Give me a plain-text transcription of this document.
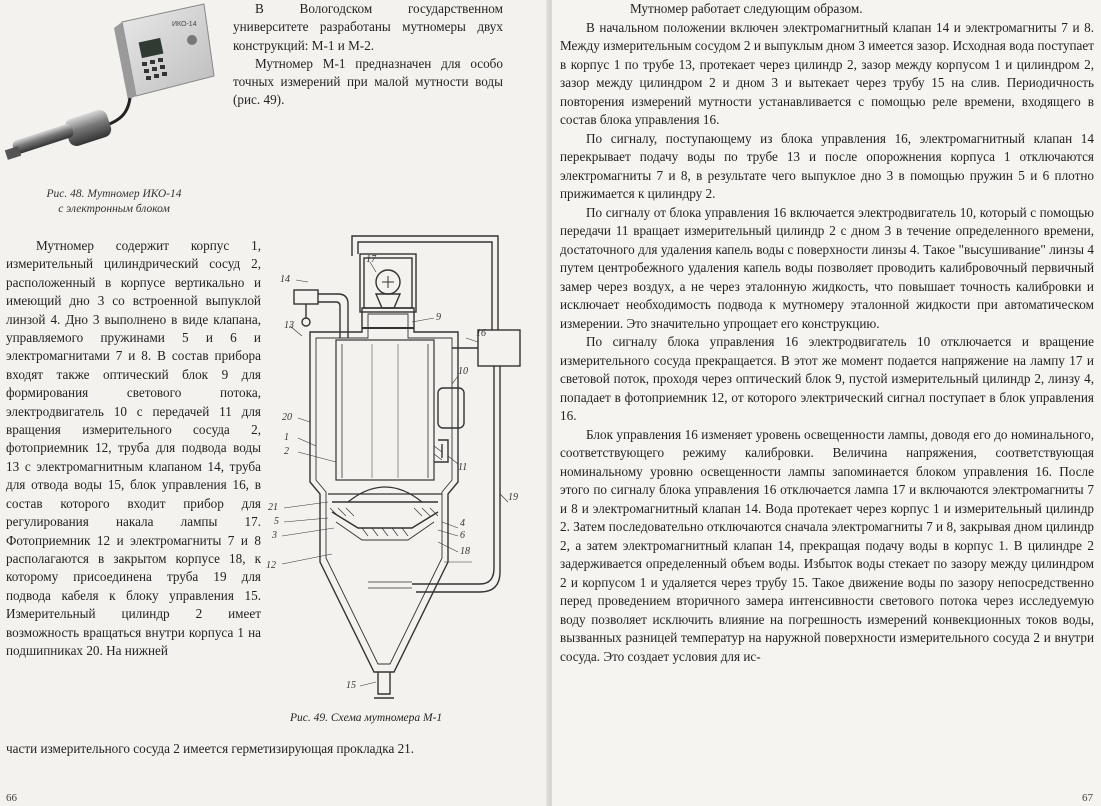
ИКО-14
Рис. 48. Мутномер ИКО-14
с электронным блоком

В Вологодском государственном университете разработаны мутномеры двух конструкций: М-1 и М-2.

Мутномер М-1 предназначен для особо точных измерений при малой мутности воды (рис. 49).

Мутномер содержит корпус 1, измерительный цилиндрический сосуд 2, расположенный в корпусе вертикально и имеющий дно 3 со встроенной выпуклой линзой 4. Дно 3 выполнено в виде клапана, управляемого пружинами 5 и 6 и электромагнитами 7 и 8. В состав прибора входят также оптический блок 9 для формирования светового потока, электродвигатель 10 с передачей 11 для вращения измерительного сосуда 2, фотоприемник 12, труба для подвода воды 13 с электромагнитным клапаном 14, труба для отвода воды 15, блок управления 16, в состав которого входит прибор для регулирования накала лампы 17. Фотоприемник 12 и электромагниты 7 и 8 располагаются в закрытом корпусе 18, к которому присоединена труба 19 для подвода кабеля к блоку управления 15. Измерительный цилиндр 2 имеет возможность вращаться внутри корпуса 1 на подшипниках 20. На нижней

части измерительного сосуда 2 имеется герметизирующая прокладка 21.
14
13
17
9
16
20
1
2
10
11
21
5
3
4
6
18
12
15
19
Рис. 49. Схема мутномера М-1
66

Мутномер работает следующим образом.

В начальном положении включен электромагнитный клапан 14 и электромагниты 7 и 8. Между измерительным сосудом 2 и выпуклым дном 3 имеется зазор. Исходная вода поступает в корпус 1 по трубе 13, протекает через цилиндр 2, зазор между корпусом 1 и цилиндром 2, зазор между цилиндром 2 и дном 3 и вытекает через трубу 15 на слив. Периодичность повторения измерений мутности устанавливается с помощью реле времени, входящего в состав блока управления 16.

По сигналу, поступающему из блока управления 16, электромагнитный клапан 14 перекрывает подачу воды по трубе 13 и после опорожнения корпуса 1 отключаются электромагниты 7 и 8, в результате чего выпуклое дно 3 в помощью пружин 5 и 6 плотно прижимается к цилиндру 2.

По сигналу от блока управления 16 включается электродвигатель 10, который с помощью передачи 11 вращает измерительный цилиндр 2 с дном 3 в течение определенного времени, достаточного для удаления капель воды с поверхности линзы 4. Такое "высушивание" линзы 4 путем центробежного удаления капель воды позволяет проводить калибровочный первичный замер через воздух, а не через эталонную жидкость, что повышает точность калибровки и исключает необходимость подвода к мутномеру эталонной жидкости при автоматическом измерении. Это значительно упрощает его конструкцию.

По сигналу блока управления 16 электродвигатель 10 отключается и вращение измерительного сосуда прекращается. В этот же момент подается напряжение на лампу 17 и световой поток, проходя через оптический блок 9, пустой измерительный цилиндр 2, линзу 4, попадает в фотоприемник 12, от которого электрический сигнал поступает в блок управления 16.

Блок управления 16 изменяет уровень освещенности лампы, доводя его до номинального, соответствующего режиму калибровки. Величина напряжения, соответствующая номинальному уровню освещенности лампы запоминается блоком управления 16. После этого по сигналу блока управления 16 отключается лампа 17 и включаются электромагниты 7 и 8 и электромагнитный клапан 14. Вода протекает через корпус 1 и измерительный цилиндр 2. Затем последовательно отключаются сначала электромагниты 7 и 8, закрывая дном цилиндр 2, а затем электромагнитный клапан 14, прекращая подачу воды в корпус 1. В цилиндре 2 задерживается определенный объем воды. Избыток воды стекает по зазору между цилиндром 2 и корпусом 1 и удаляется через трубу 15. Такое движение воды по зазору непосредственно перед проведением вторичного замера интенсивности светового потока через исследуемую воду позволяет исключить влияние на погрешность измерений конвекционных токов воды, вызванных разницей температур на наружной поверхности измерительного сосуда 2 и внутри сосуда. Это создает условия для ис-

67
